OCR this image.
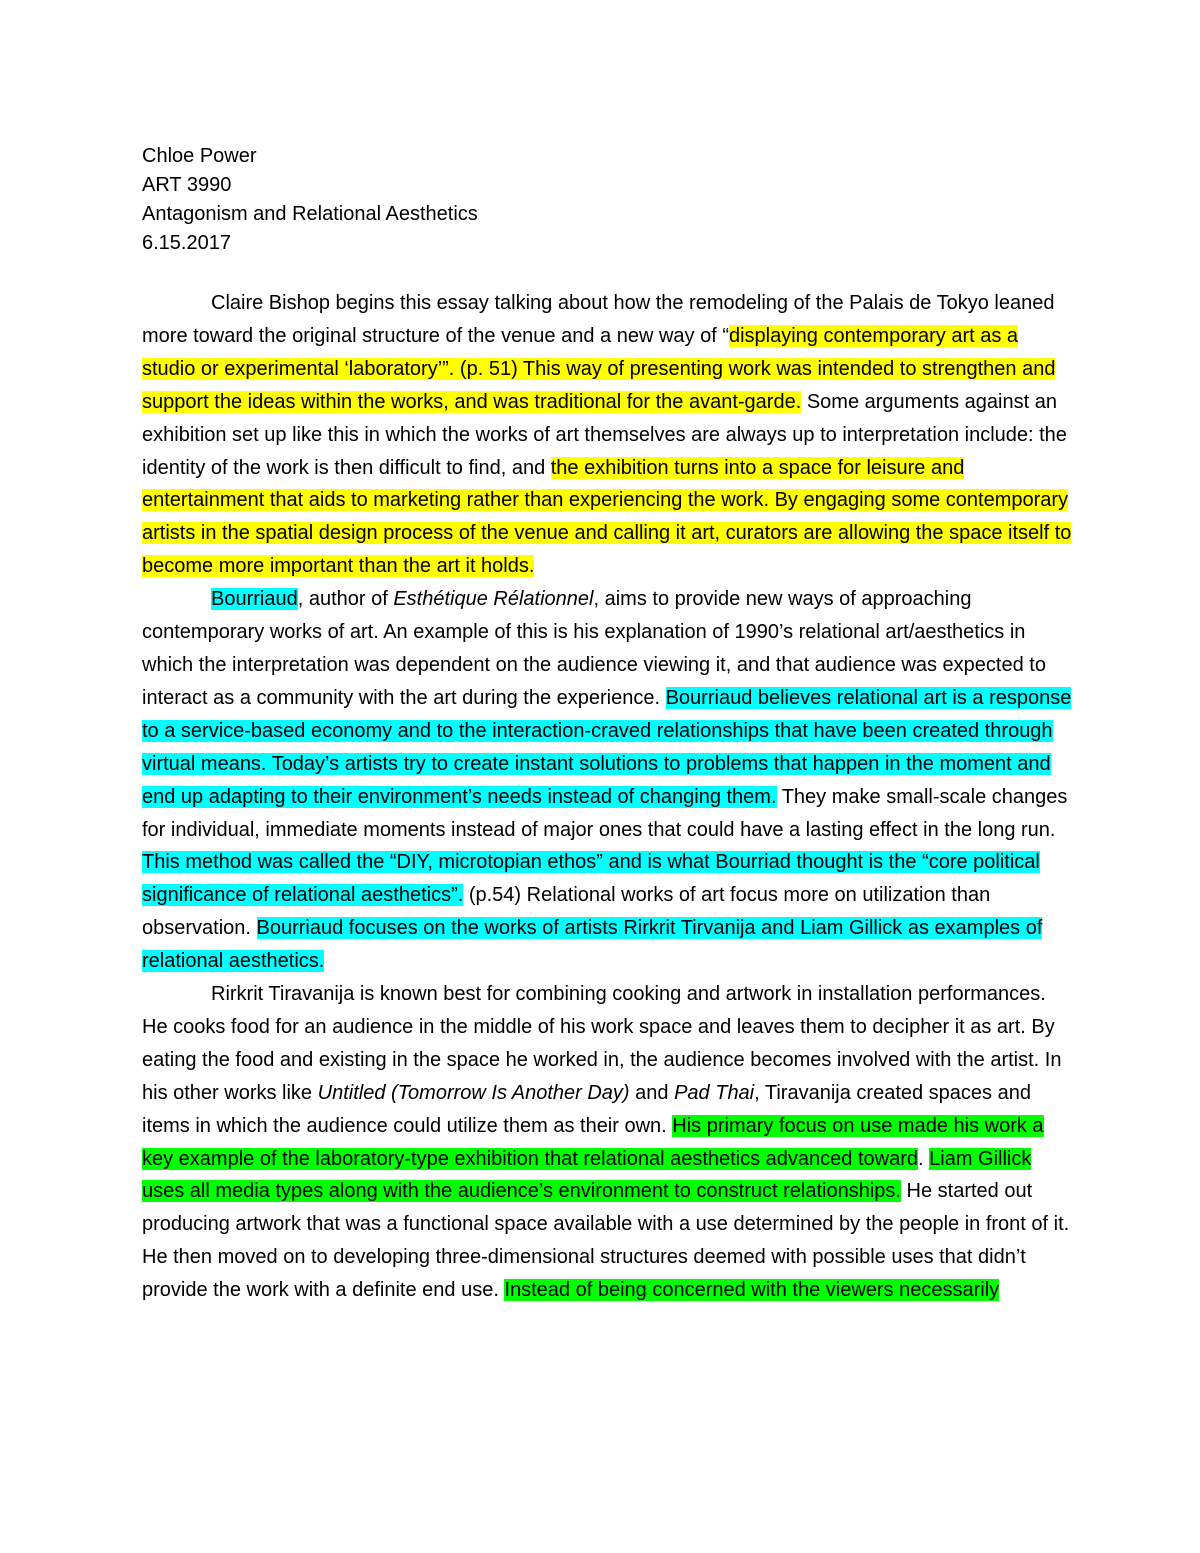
Chloe Power
ART 3990
Antagonism and Relational Aesthetics
6.15.2017

Claire Bishop begins this essay talking about how the remodeling of the Palais de Tokyo leaned more toward the original structure of the venue and a new way of “displaying contemporary art as a studio or experimental ‘laboratory’”. (p. 51) This way of presenting work was intended to strengthen and support the ideas within the works, and was traditional for the avant-garde. Some arguments against an exhibition set up like this in which the works of art themselves are always up to interpretation include: the identity of the work is then difficult to find, and the exhibition turns into a space for leisure and entertainment that aids to marketing rather than experiencing the work. By engaging some contemporary artists in the spatial design process of the venue and calling it art, curators are allowing the space itself to become more important than the art it holds.

Bourriaud, author of Esthétique Rélationnel, aims to provide new ways of approaching contemporary works of art. An example of this is his explanation of 1990’s relational art/aesthetics in which the interpretation was dependent on the audience viewing it, and that audience was expected to interact as a community with the art during the experience. Bourriaud believes relational art is a response to a service-based economy and to the interaction-craved relationships that have been created through virtual means. Today’s artists try to create instant solutions to problems that happen in the moment and end up adapting to their environment’s needs instead of changing them. They make small-scale changes for individual, immediate moments instead of major ones that could have a lasting effect in the long run. This method was called the “DIY, microtopian ethos” and is what Bourriad thought is the “core political significance of relational aesthetics”. (p.54) Relational works of art focus more on utilization than observation. Bourriaud focuses on the works of artists Rirkrit Tirvanija and Liam Gillick as examples of relational aesthetics.

Rirkrit Tiravanija is known best for combining cooking and artwork in installation performances. He cooks food for an audience in the middle of his work space and leaves them to decipher it as art. By eating the food and existing in the space he worked in, the audience becomes involved with the artist. In his other works like Untitled (Tomorrow Is Another Day) and Pad Thai, Tiravanija created spaces and items in which the audience could utilize them as their own. His primary focus on use made his work a key example of the laboratory-type exhibition that relational aesthetics advanced toward. Liam Gillick uses all media types along with the audience’s environment to construct relationships. He started out producing artwork that was a functional space available with a use determined by the people in front of it. He then moved on to developing three-dimensional structures deemed with possible uses that didn’t provide the work with a definite end use. Instead of being concerned with the viewers necessarily
